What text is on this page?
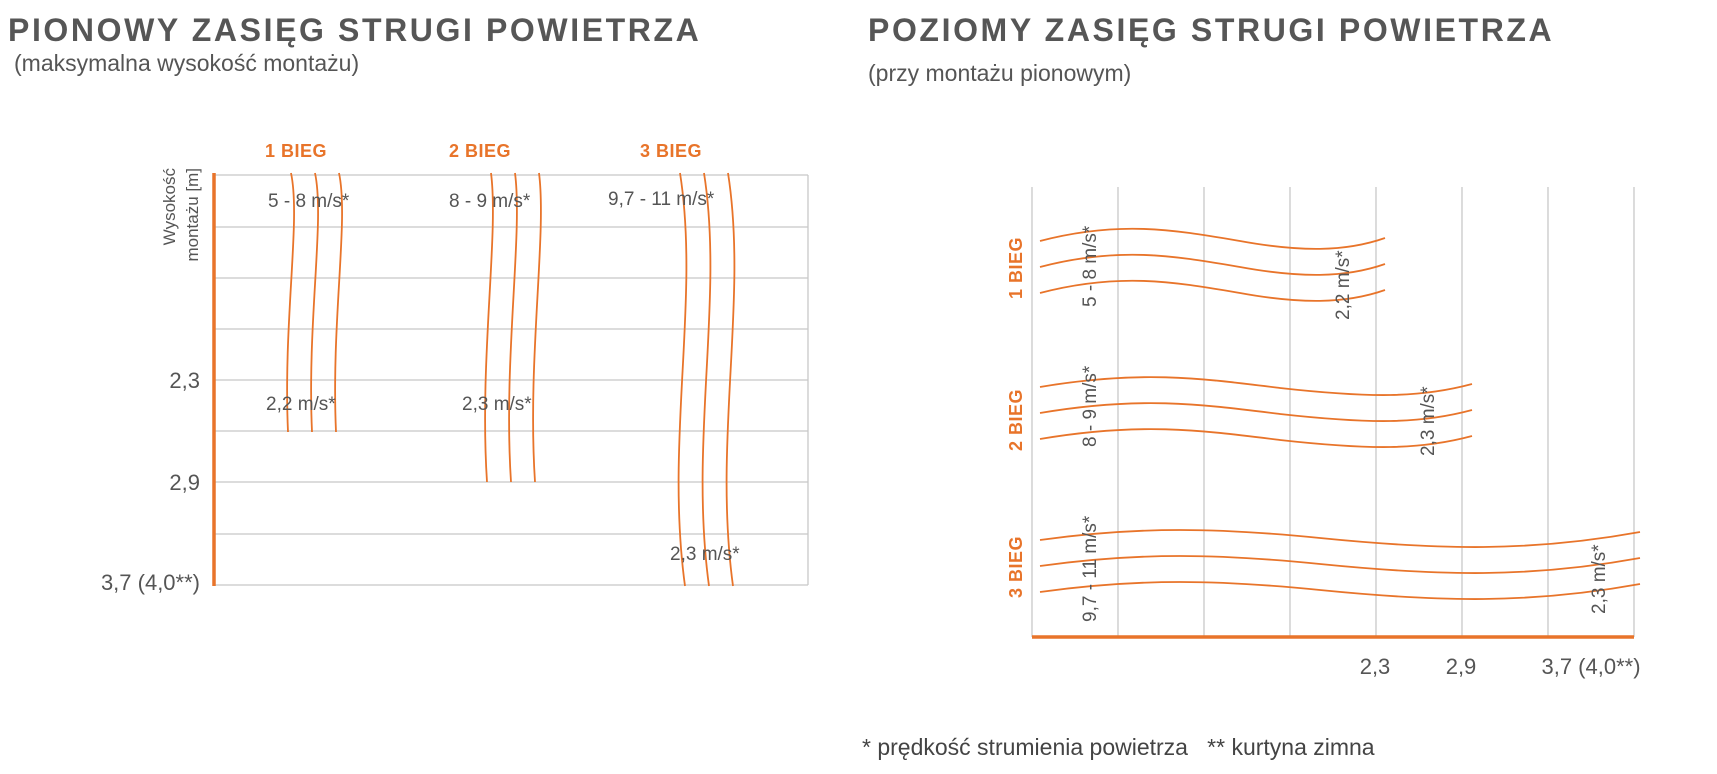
PIONOWY ZASIĘG STRUGI POWIETRZA
(maksymalna wysokość montażu)
POZIOMY ZASIĘG STRUGI POWIETRZA
(przy montażu pionowym)
Wysokość montażu [m]
2,3
2,9
3,7 (4,0**)
1 BIEG	2 BIEG	3 BIEG
5 - 8 m/s*
2,2 m/s*
8 - 9 m/s*
2,3 m/s*
9,7 - 11 m/s*
2,3 m/s*
2,3	2,9	3,7 (4,0**)
1 BIEG
2 BIEG
3 BIEG
5 - 8 m/s*	2,2 m/s*
8 - 9 m/s*	2,3 m/s*
9,7 - 11 m/s*	2,3 m/s*
* prędkość strumienia powietrza   ** kurtyna zimna
